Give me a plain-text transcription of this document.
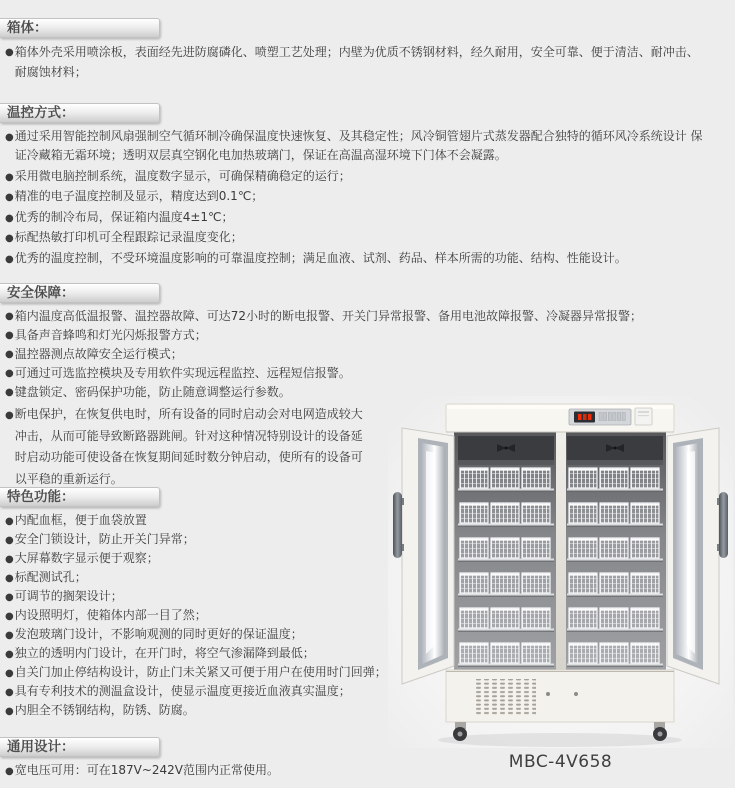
箱体：
● 箱体外壳采用喷涂板，表面经先进防腐磷化、喷塑工艺处理；内壁为优质不锈钢材料，经久耐用，安全可靠、便于清洁、耐冲击、耐腐蚀材料；
温控方式：
● 通过采用智能控制风扇强制空气循环制冷确保温度快速恢复、及其稳定性；风冷铜管翅片式蒸发器配合独特的循环风冷系统设计 保证冷藏箱无霜环境；透明双层真空钢化电加热玻璃门，保证在高温高湿环境下门体不会凝露。
● 采用微电脑控制系统，温度数字显示，可确保精确稳定的运行；
● 精准的电子温度控制及显示，精度达到0.1℃；
● 优秀的制冷布局，保证箱内温度4±1℃；
● 标配热敏打印机可全程跟踪记录温度变化；
● 优秀的温度控制，不受环境温度影响的可靠温度控制；满足血液、试剂、药品、样本所需的功能、结构、性能设计。
安全保障：
● 箱内温度高低温报警、温控器故障、可达72小时的断电报警、开关门异常报警、备用电池故障报警、冷凝器异常报警；
● 具备声音蜂鸣和灯光闪烁报警方式；
● 温控器测点故障安全运行模式；
● 可通过可选监控模块及专用软件实现远程监控、远程短信报警。
● 键盘锁定、密码保护功能，防止随意调整运行参数。
● 断电保护，在恢复供电时，所有设备的同时启动会对电网造成较大冲击，从而可能导致断路器跳闸。针对这种情况特别设计的设备延时启动功能可使设备在恢复期间延时数分钟启动，使所有的设备可以平稳的重新运行。
特色功能：
● 内配血框，便于血袋放置
● 安全门锁设计，防止开关门异常；
● 大屏幕数字显示便于观察；
● 标配测试孔；
● 可调节的搁架设计；
● 内设照明灯，使箱体内部一目了然；
● 发泡玻璃门设计，不影响观测的同时更好的保证温度；
● 独立的透明内门设计，在开门时，将空气渗漏降到最低；
● 自关门加止停结构设计，防止门未关紧又可便于用户在使用时门回弹；
● 具有专利技术的测温盒设计，使显示温度更接近血液真实温度；
● 内胆全不锈钢结构，防锈、防腐。
通用设计：
● 宽电压可用：可在187V~242V范围内正常使用。	MBC-4V658
